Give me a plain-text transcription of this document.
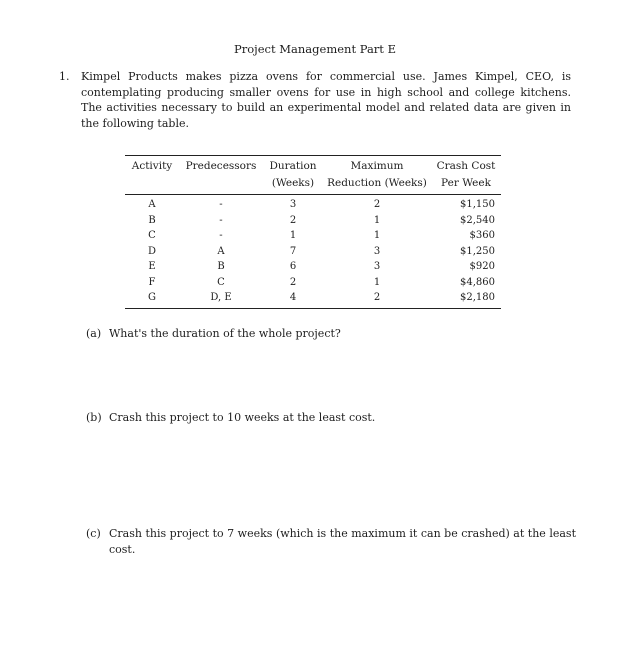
Project Management Part E
1. Kimpel Products makes pizza ovens for commercial use. James Kimpel, CEO, is contemplating producing smaller ovens for use in high school and college kitchens. The activities necessary to build an experimental model and related data are given in the following table.
Activity	Predecessors	Duration	Maximum	Crash Cost
		(Weeks)	Reduction (Weeks)	Per Week
A	-	3	2	$1,150
B	-	2	1	$2,540
C	-	1	1	$360
D	A	7	3	$1,250
E	B	6	3	$920
F	C	2	1	$4,860
G	D, E	4	2	$2,180
(a) What's the duration of the whole project?
(b) Crash this project to 10 weeks at the least cost.
(c) Crash this project to 7 weeks (which is the maximum it can be crashed) at the least cost.
